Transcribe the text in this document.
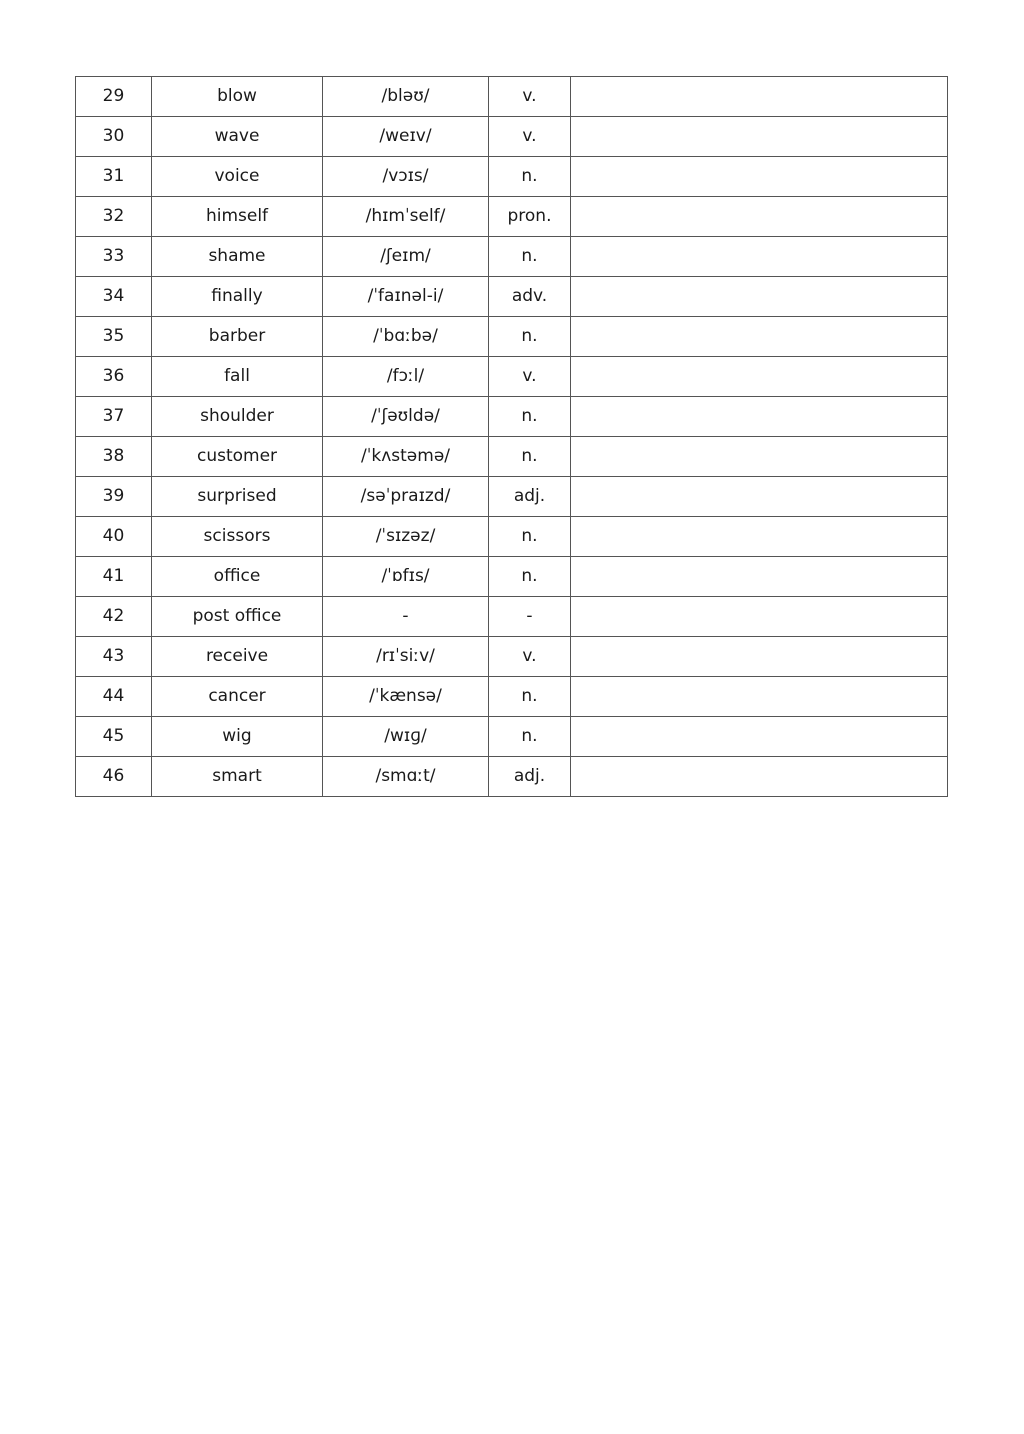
29	blow	/bləʊ/	v.	
30	wave	/weɪv/	v.	
31	voice	/vɔɪs/	n.	
32	himself	/hɪmˈself/	pron.	
33	shame	/ʃeɪm/	n.	
34	finally	/ˈfaɪnəl-i/	adv.	
35	barber	/ˈbɑːbə/	n.	
36	fall	/fɔːl/	v.	
37	shoulder	/ˈʃəʊldə/	n.	
38	customer	/ˈkʌstəmə/	n.	
39	surprised	/səˈpraɪzd/	adj.	
40	scissors	/ˈsɪzəz/	n.	
41	office	/ˈɒfɪs/	n.	
42	post office	-	-	
43	receive	/rɪˈsiːv/	v.	
44	cancer	/ˈkænsə/	n.	
45	wig	/wɪɡ/	n.	
46	smart	/smɑːt/	adj.	
